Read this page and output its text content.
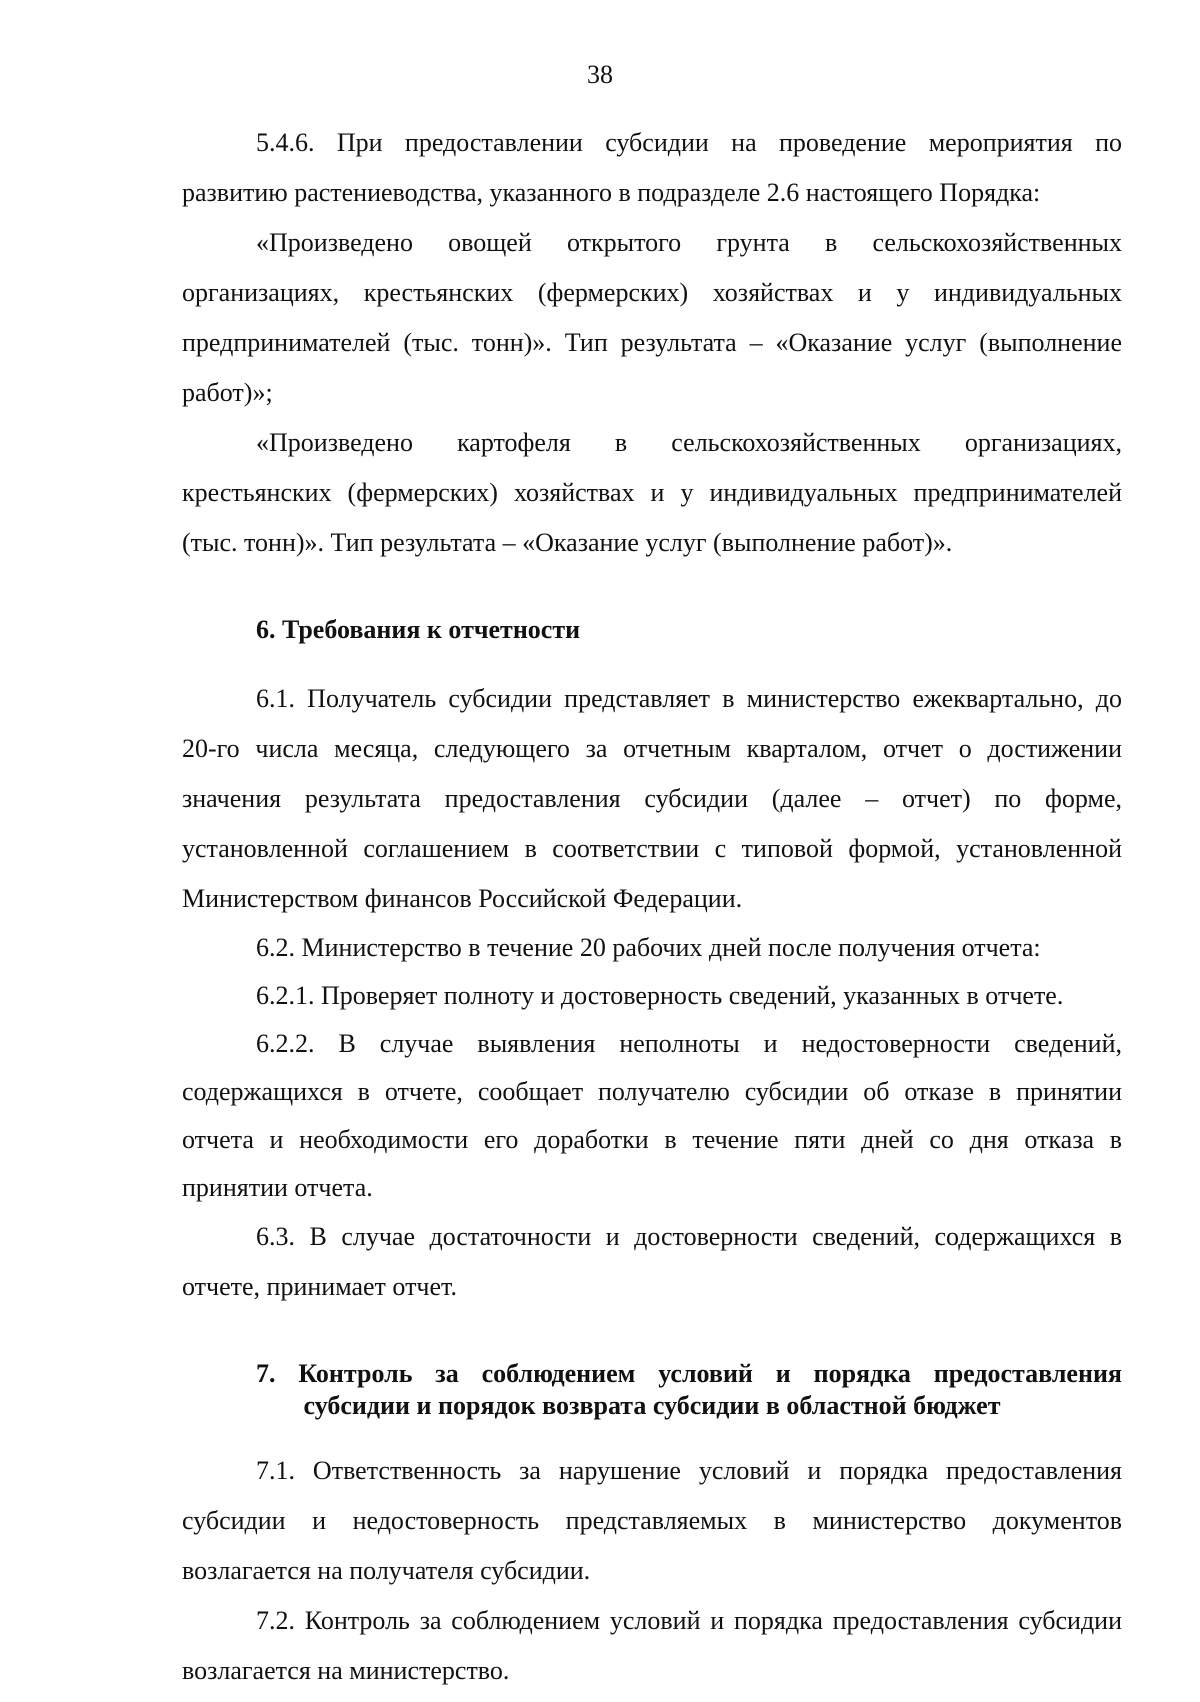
38

5.4.6. При предоставлении субсидии на проведение мероприятия по развитию растениеводства, указанного в подразделе 2.6 настоящего Порядка:

«Произведено овощей открытого грунта в сельскохозяйственных организациях, крестьянских (фермерских) хозяйствах и у индивидуальных предпринимателей (тыс. тонн)». Тип результата – «Оказание услуг (выполнение работ)»;

«Произведено картофеля в сельскохозяйственных организациях, крестьянских (фермерских) хозяйствах и у индивидуальных предпринимателей (тыс. тонн)». Тип результата – «Оказание услуг (выполнение работ)».

6. Требования к отчетности

6.1. Получатель субсидии представляет в министерство ежеквартально, до 20-го числа месяца, следующего за отчетным кварталом, отчет о достижении значения результата предоставления субсидии (далее – отчет) по форме, установленной соглашением в соответствии с типовой формой, установленной Министерством финансов Российской Федерации.

6.2. Министерство в течение 20 рабочих дней после получения отчета:

6.2.1. Проверяет полноту и достоверность сведений, указанных в отчете.

6.2.2. В случае выявления неполноты и недостоверности сведений, содержащихся в отчете, сообщает получателю субсидии об отказе в принятии отчета и необходимости его доработки в течение пяти дней со дня отказа в принятии отчета.

6.3. В случае достаточности и достоверности сведений, содержащихся в отчете, принимает отчет.

7. Контроль за соблюдением условий и порядка предоставления
субсидии и порядок возврата субсидии в областной бюджет

7.1. Ответственность за нарушение условий и порядка предоставления субсидии и недостоверность представляемых в министерство документов возлагается на получателя субсидии.

7.2. Контроль за соблюдением условий и порядка предоставления субсидии возлагается на министерство.
